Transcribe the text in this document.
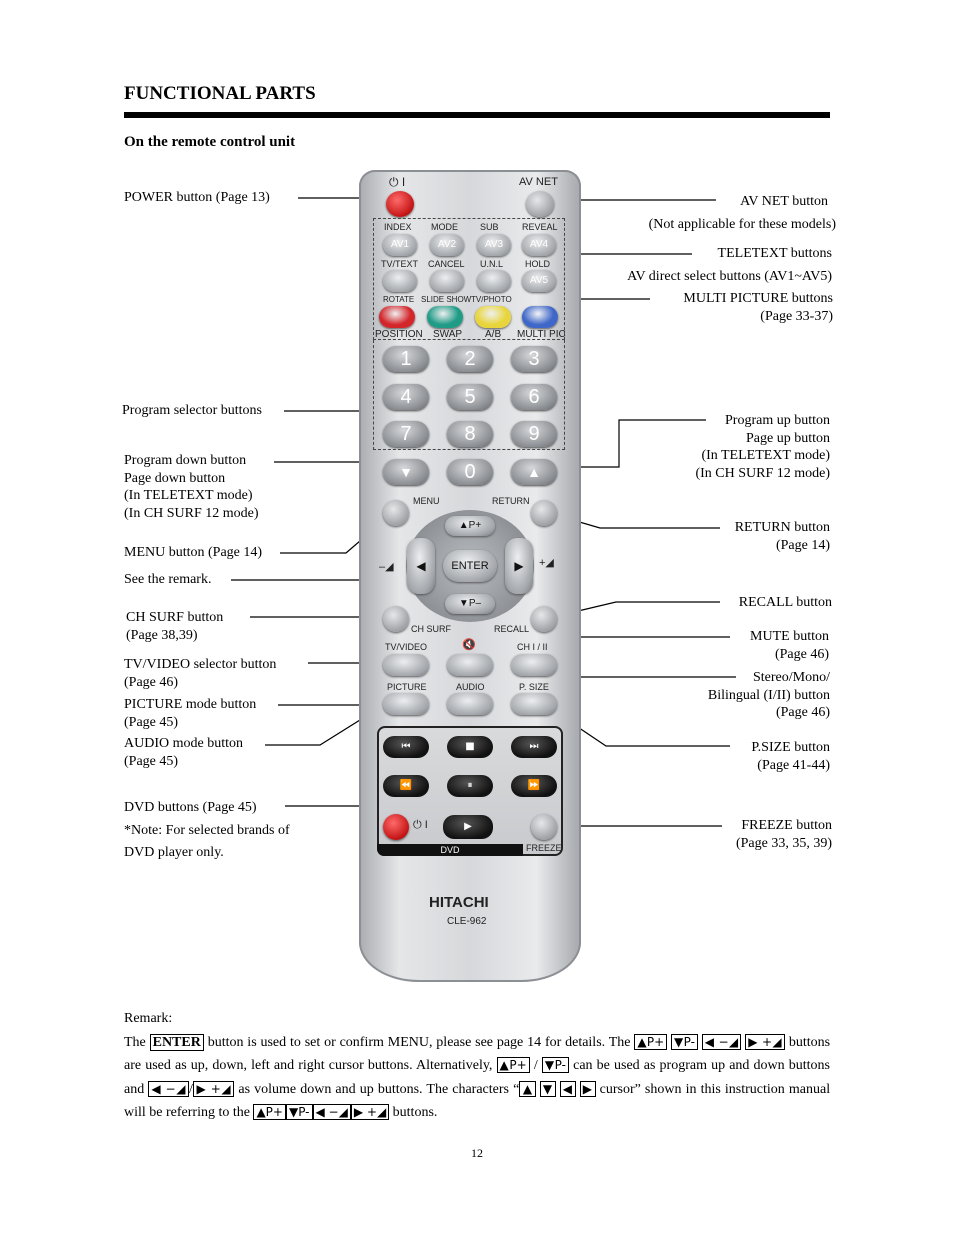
FUNCTIONAL PARTS
On the remote control unit
POWER button (Page 13)
Program selector buttons
Program down button
Page down button
(In TELETEXT mode)
(In CH SURF 12 mode)
MENU button (Page 14)
See the remark.
CH SURF button
(Page 38,39)
TV/VIDEO selector button
(Page 46)
PICTURE mode button
(Page 45)
AUDIO mode button
(Page 45)
DVD buttons (Page 45)
*Note: For selected brands of
DVD player only.
AV NET button
(Not applicable for these models)
TELETEXT buttons
AV direct select buttons (AV1~AV5)
MULTI PICTURE buttons
(Page 33-37)
Program up button
Page up button
(In TELETEXT mode)
(In CH SURF 12 mode)
RETURN button
(Page 14)
RECALL button
MUTE button
(Page 46)
Stereo/Mono/
Bilingual (I/II) button
(Page 46)
P.SIZE button
(Page 41-44)
FREEZE button
(Page 33, 35, 39)
⏻ I	AV NET
INDEX MODE SUB	REVEAL
AV1	AV2	AV3	AV4
TV/TEXT CANCEL U.N.L HOLD
AV5
ROTATE SLIDE SHOW TV/PHOTO
POSITION SWAP A/B MULTI PIC
1	2	3
4	5	6
7	8	9
▼	0	▲
MENU	RETURN
▲P+
▼P–
◀	▶
ENTER
–◢	+◢
CH SURF	RECALL
TV/VIDEO	🔇	CH I / II
PICTURE	AUDIO	P. SIZE
⏮	■	⏭
⏪	⏸	⏩
⏻ I	▶
DVD	FREEZE
HITACHI
CLE-962
Remark:
The ENTER button is used to set or confirm MENU, please see page 14 for details. The ▲P+ ▼P- ◀ −◢ ▶ +◢ buttons are used as up, down, left and right cursor buttons. Alternatively, ▲P+ / ▼P- can be used as program up and down buttons and ◀ −◢ / ▶ +◢ as volume down and up buttons. The characters “ ▲ ▼ ◀ ▶ cursor” shown in this instruction manual will be referring to the ▲P+ ▼P- ◀ −◢ ▶ +◢ buttons.
12
